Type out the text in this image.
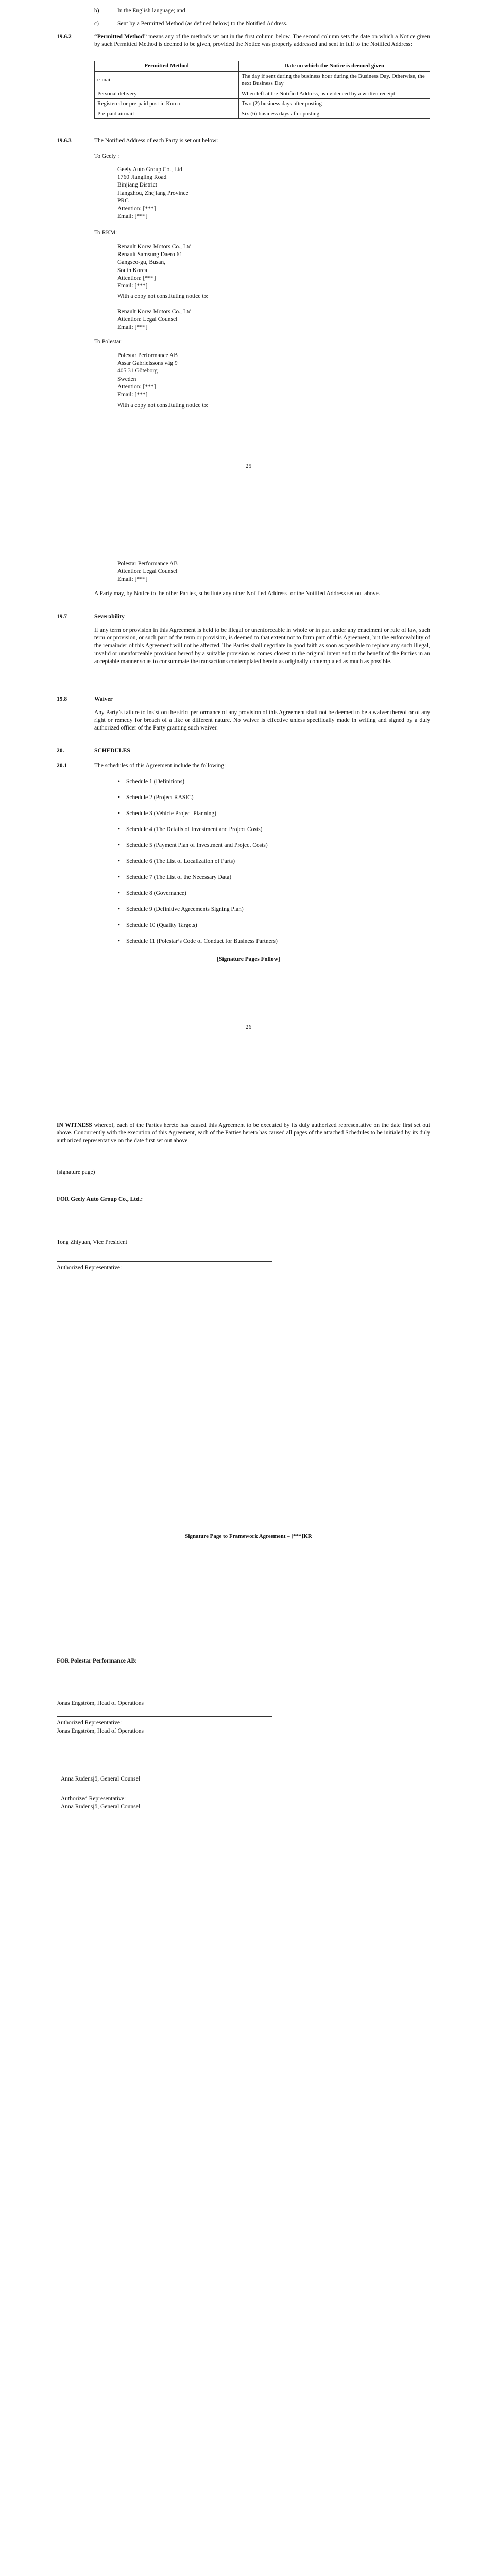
b)	In the English language; and
c)	Sent by a Permitted Method (as defined below) to the Notified Address.
19.6.2	“Permitted Method” means any of the methods set out in the first column below. The second column sets the date on which a Notice given by such Permitted Method is deemed to be given, provided the Notice was properly addressed and sent in full to the Notified Address:

Permitted Method	Date on which the Notice is deemed given
e-mail	The day if sent during the business hour during the Business Day. Otherwise, the next Business Day
Personal delivery	When left at the Notified Address, as evidenced by a written receipt
Registered or pre-paid post in Korea	Two (2) business days after posting
Pre-paid airmail	Six (6) business days after posting
19.6.3	The Notified Address of each Party is set out below:
To Geely :
Geely Auto Group Co., Ltd
1760 Jiangling Road
Binjiang District
Hangzhou, Zhejiang Province
PRC
Attention: [***]
Email: [***]
To RKM:
Renault Korea Motors Co., Ltd
Renault Samsung Daero 61
Gangseo-gu, Busan,
South Korea
Attention: [***]
Email: [***]
With a copy not constituting notice to:
Renault Korea Motors Co., Ltd
Attention: Legal Counsel
Email: [***]
To Polestar:
Polestar Performance AB
Assar Gabrielssons väg 9
405 31 Göteborg
Sweden
Attention: [***]
Email: [***]
With a copy not constituting notice to:
25
Polestar Performance AB
Attention: Legal Counsel
Email: [***]

A Party may, by Notice to the other Parties, substitute any other Notified Address for the Notified Address set out above.

19.7	Severability

If any term or provision in this Agreement is held to be illegal or unenforceable in whole or in part under any enactment or rule of law, such term or provision, or such part of the term or provision, is deemed to that extent not to form part of this Agreement, but the enforceability of the remainder of this Agreement will not be affected. The Parties shall negotiate in good faith as soon as possible to replace any such illegal, invalid or unenforceable provision hereof by a suitable provision as comes closest to the original intent and to the benefit of the Parties in an acceptable manner so as to consummate the transactions contemplated herein as originally contemplated as much as possible.

19.8	Waiver

Any Party’s failure to insist on the strict performance of any provision of this Agreement shall not be deemed to be a waiver thereof or of any right or remedy for breach of a like or different nature. No waiver is effective unless specifically made in writing and signed by a duly authorized officer of the Party granting such waiver.

20.	SCHEDULES
20.1	The schedules of this Agreement include the following:
• Schedule 1 (Definitions)
• Schedule 2 (Project RASIC)
• Schedule 3 (Vehicle Project Planning)
• Schedule 4 (The Details of Investment and Project Costs)
• Schedule 5 (Payment Plan of Investment and Project Costs)
• Schedule 6 (The List of Localization of Parts)
• Schedule 7 (The List of the Necessary Data)
• Schedule 8 (Governance)
• Schedule 9 (Definitive Agreements Signing Plan)
• Schedule 10 (Quality Targets)
• Schedule 11 (Polestar’s Code of Conduct for Business Partners)
[Signature Pages Follow]
26

IN WITNESS whereof, each of the Parties hereto has caused this Agreement to be executed by its duly authorized representative on the date first set out above. Concurrently with the execution of this Agreement, each of the Parties hereto has caused all pages of the attached Schedules to be initialed by its duly authorized representative on the date first set out above.

(signature page)
FOR Geely Auto Group Co., Ltd.:
Tong Zhiyuan, Vice President
Authorized Representative:
Signature Page to Framework Agreement – [***]KR
FOR Polestar Performance AB:
Jonas Engström, Head of Operations
Authorized Representative:
Jonas Engström, Head of Operations
Anna Rudensjö, General Counsel
Authorized Representative:
Anna Rudensjö, General Counsel
